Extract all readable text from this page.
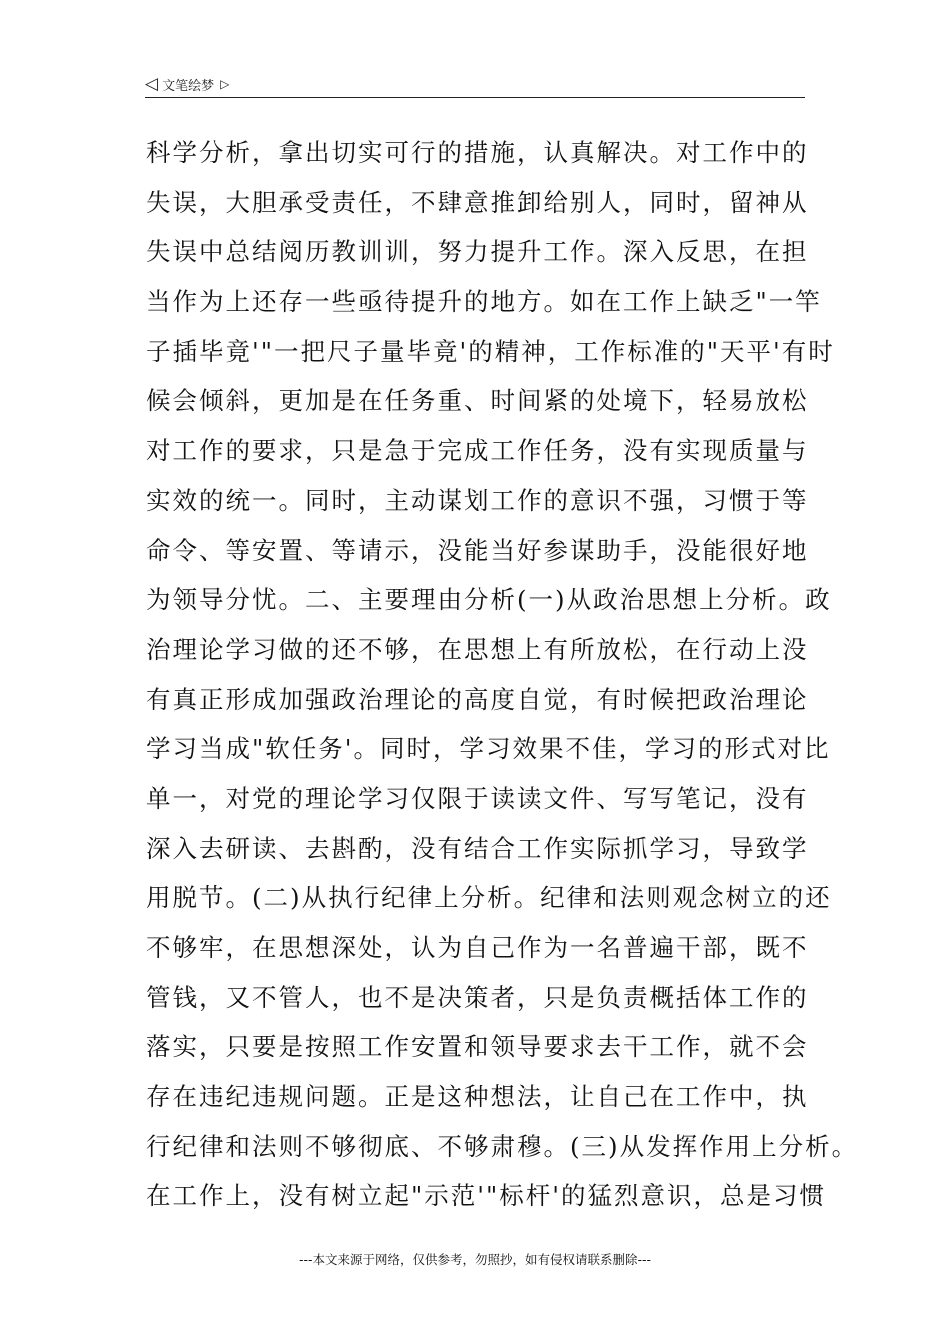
◁ 文笔绘梦 ▷
科学分析，拿出切实可行的措施，认真解决。对工作中的
失误，大胆承受责任，不肆意推卸给别人，同时，留神从
失误中总结阅历教训训，努力提升工作。深入反思，在担
当作为上还存一些亟待提升的地方。如在工作上缺乏"一竿
子插毕竟'"一把尺子量毕竟'的精神，工作标准的"天平'有时
候会倾斜，更加是在任务重、时间紧的处境下，轻易放松
对工作的要求，只是急于完成工作任务，没有实现质量与
实效的统一。同时，主动谋划工作的意识不强，习惯于等
命令、等安置、等请示，没能当好参谋助手，没能很好地
为领导分忧。二、主要理由分析(一)从政治思想上分析。政
治理论学习做的还不够，在思想上有所放松，在行动上没
有真正形成加强政治理论的高度自觉，有时候把政治理论
学习当成"软任务'。同时，学习效果不佳，学习的形式对比
单一，对党的理论学习仅限于读读文件、写写笔记，没有
深入去研读、去斟酌，没有结合工作实际抓学习，导致学
用脱节。(二)从执行纪律上分析。纪律和法则观念树立的还
不够牢，在思想深处，认为自己作为一名普遍干部，既不
管钱，又不管人，也不是决策者，只是负责概括体工作的
落实，只要是按照工作安置和领导要求去干工作，就不会
存在违纪违规问题。正是这种想法，让自己在工作中，执
行纪律和法则不够彻底、不够肃穆。(三)从发挥作用上分析。
在工作上，没有树立起"示范'"标杆'的猛烈意识，总是习惯
---本文来源于网络，仅供参考，勿照抄，如有侵权请联系删除---
